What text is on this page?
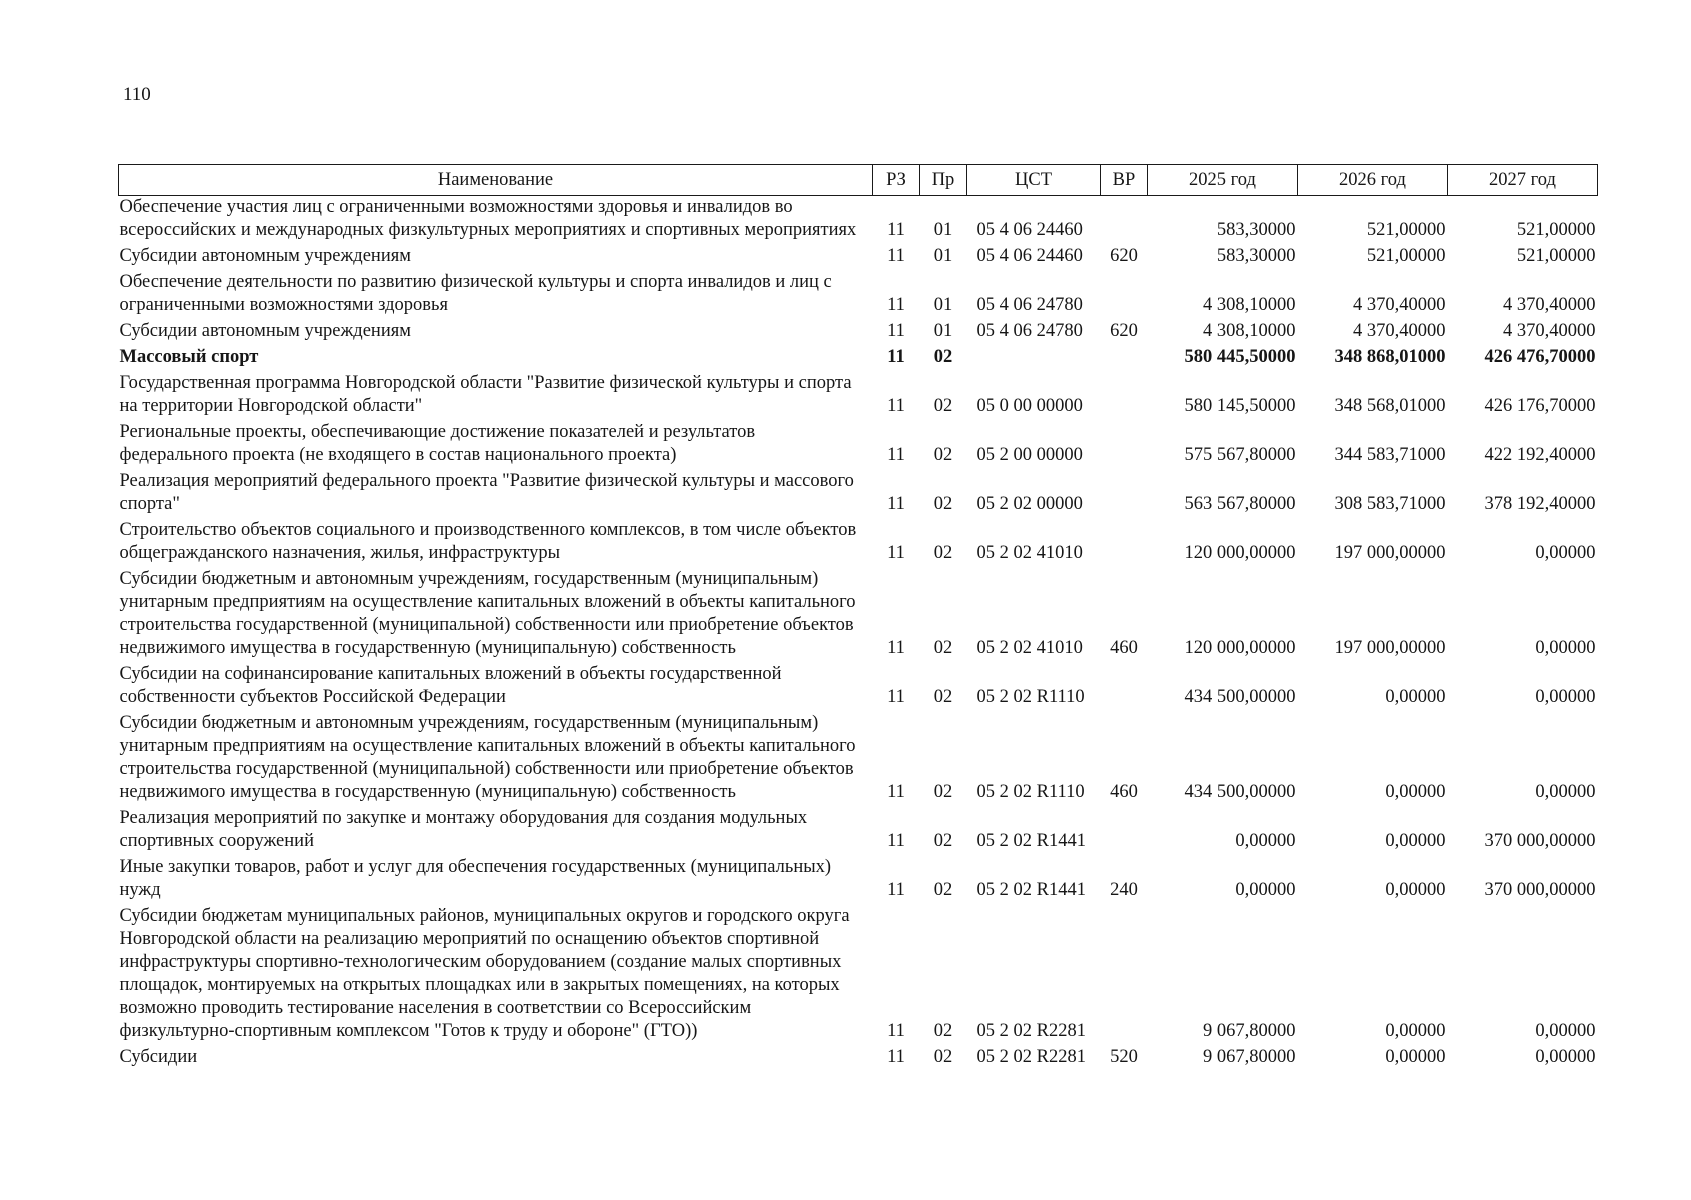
110
Наименование	РЗ	Пр	ЦСТ	ВР	2025 год	2026 год	2027 год
Обеспечение участия лиц с ограниченными возможностями здоровья и инвалидов во всероссийских и международных физкультурных мероприятиях и спортивных мероприятиях	11	01	05 4 06 24460		583,30000	521,00000	521,00000
Субсидии автономным учреждениям	11	01	05 4 06 24460	620	583,30000	521,00000	521,00000
Обеспечение деятельности по развитию физической культуры и спорта инвалидов и лиц с ограниченными возможностями здоровья	11	01	05 4 06 24780		4 308,10000	4 370,40000	4 370,40000
Субсидии автономным учреждениям	11	01	05 4 06 24780	620	4 308,10000	4 370,40000	4 370,40000
Массовый спорт	11	02			580 445,50000	348 868,01000	426 476,70000
Государственная программа Новгородской области "Развитие физической культуры и спорта на территории Новгородской области"	11	02	05 0 00 00000		580 145,50000	348 568,01000	426 176,70000
Региональные проекты, обеспечивающие достижение показателей и результатов федерального проекта (не входящего в состав национального проекта)	11	02	05 2 00 00000		575 567,80000	344 583,71000	422 192,40000
Реализация мероприятий федерального проекта "Развитие физической культуры и массового спорта"	11	02	05 2 02 00000		563 567,80000	308 583,71000	378 192,40000
Строительство объектов социального и производственного комплексов, в том числе объектов общегражданского назначения, жилья, инфраструктуры	11	02	05 2 02 41010		120 000,00000	197 000,00000	0,00000
Субсидии бюджетным и автономным учреждениям, государственным (муниципальным) унитарным предприятиям на осуществление капитальных вложений в объекты капитального строительства государственной (муниципальной) собственности или приобретение объектов недвижимого имущества в государственную (муниципальную) собственность	11	02	05 2 02 41010	460	120 000,00000	197 000,00000	0,00000
Субсидии на софинансирование капитальных вложений в объекты государственной собственности субъектов Российской Федерации	11	02	05 2 02 R1110		434 500,00000	0,00000	0,00000
Субсидии бюджетным и автономным учреждениям, государственным (муниципальным) унитарным предприятиям на осуществление капитальных вложений в объекты капитального строительства государственной (муниципальной) собственности или приобретение объектов недвижимого имущества в государственную (муниципальную) собственность	11	02	05 2 02 R1110	460	434 500,00000	0,00000	0,00000
Реализация мероприятий по закупке и монтажу оборудования для создания модульных спортивных сооружений	11	02	05 2 02 R1441		0,00000	0,00000	370 000,00000
Иные закупки товаров, работ и услуг для обеспечения государственных (муниципальных) нужд	11	02	05 2 02 R1441	240	0,00000	0,00000	370 000,00000
Субсидии бюджетам муниципальных районов, муниципальных округов и городского округа Новгородской области на реализацию мероприятий по оснащению объектов спортивной инфраструктуры спортивно-технологическим оборудованием (создание малых спортивных площадок, монтируемых на открытых площадках или в закрытых помещениях, на которых возможно проводить тестирование населения в соответствии со Всероссийским физкультурно-спортивным комплексом "Готов к труду и обороне" (ГТО))	11	02	05 2 02 R2281		9 067,80000	0,00000	0,00000
Субсидии	11	02	05 2 02 R2281	520	9 067,80000	0,00000	0,00000
